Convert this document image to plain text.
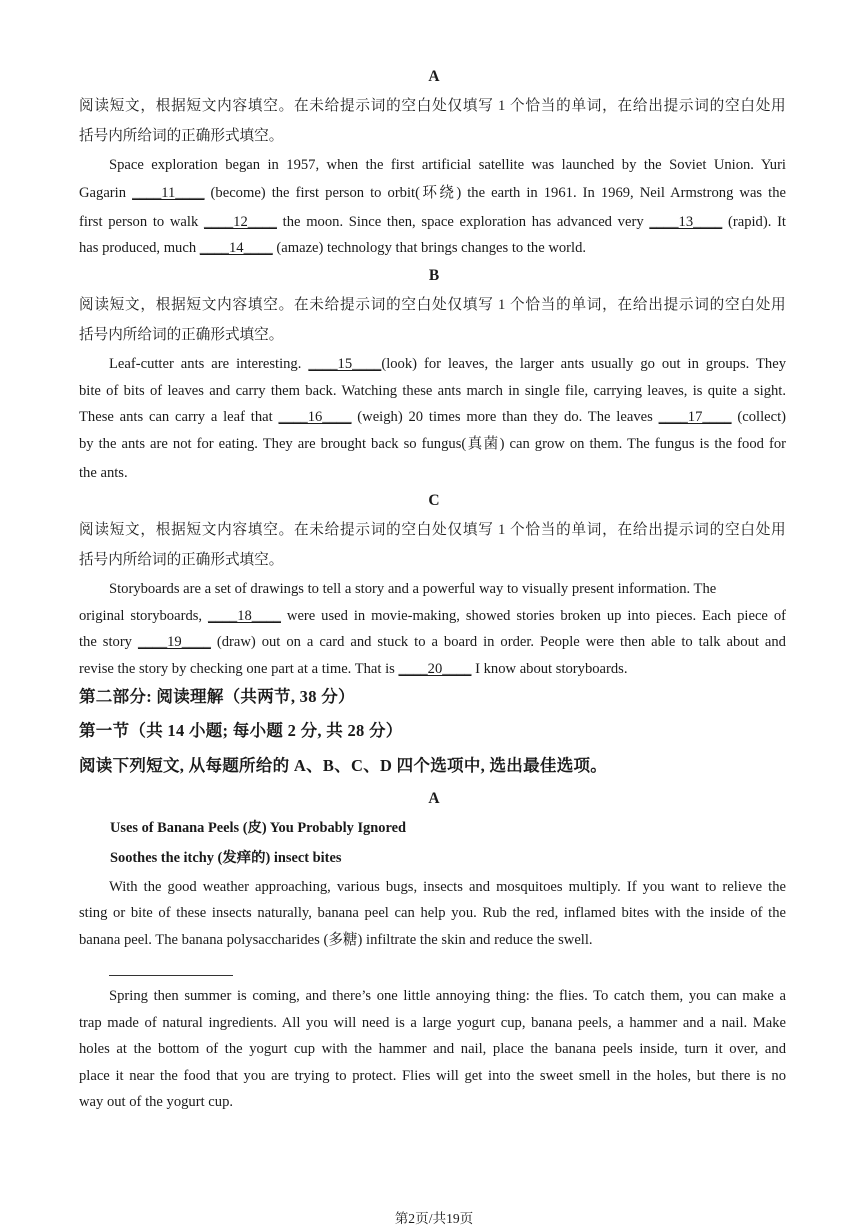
A
阅读短文，根据短文内容填空。在未给提示词的空白处仅填写 1 个恰当的单词，在给出提示词的空白处用
括号内所给词的正确形式填空。
Space exploration began in 1957, when the first artificial satellite was launched by the Soviet Union. Yuri
Gagarin ____11____ (become) the first person to orbit(环绕) the earth in 1961. In 1969, Neil Armstrong was the
first person to walk ____12____ the moon. Since then, space exploration has advanced very ____13____ (rapid). It
has produced, much ____14____ (amaze) technology that brings changes to the world.
B
阅读短文，根据短文内容填空。在未给提示词的空白处仅填写 1 个恰当的单词，在给出提示词的空白处用
括号内所给词的正确形式填空。
Leaf-cutter ants are interesting. ____15____(look) for leaves, the larger ants usually go out in groups. They
bite of bits of leaves and carry them back. Watching these ants march in single file, carrying leaves, is quite a sight.
These ants can carry a leaf that ____16____ (weigh) 20 times more than they do. The leaves ____17____ (collect)
by the ants are not for eating. They are brought back so fungus(真菌) can grow on them. The fungus is the food for
the ants.
C
阅读短文，根据短文内容填空。在未给提示词的空白处仅填写 1 个恰当的单词，在给出提示词的空白处用
括号内所给词的正确形式填空。
Storyboards are a set of drawings to tell a story and a powerful way to visually present information. The
original storyboards, ____18____ were used in movie-making, showed stories broken up into pieces. Each piece of
the story ____19____ (draw) out on a card and stuck to a board in order. People were then able to talk about and
revise the story by checking one part at a time. That is ____20____ I know about storyboards.
第二部分: 阅读理解（共两节, 38 分）
第一节（共 14 小题; 每小题 2 分, 共 28 分）
阅读下列短文, 从每题所给的 A、B、C、D 四个选项中, 选出最佳选项。
A
Uses of Banana Peels (皮) You Probably Ignored
Soothes the itchy (发痒的) insect bites
With the good weather approaching, various bugs, insects and mosquitoes multiply. If you want to relieve the
sting or bite of these insects naturally, banana peel can help you. Rub the red, inflamed bites with the inside of the
banana peel. The banana polysaccharides (多糖) infiltrate the skin and reduce the swell.
Spring then summer is coming, and there’s one little annoying thing: the flies. To catch them, you can make a
trap made of natural ingredients. All you will need is a large yogurt cup, banana peels, a hammer and a nail. Make
holes at the bottom of the yogurt cup with the hammer and nail, place the banana peels inside, turn it over, and
place it near the food that you are trying to protect. Flies will get into the sweet smell in the holes, but there is no
way out of the yogurt cup.
第2页/共19页
